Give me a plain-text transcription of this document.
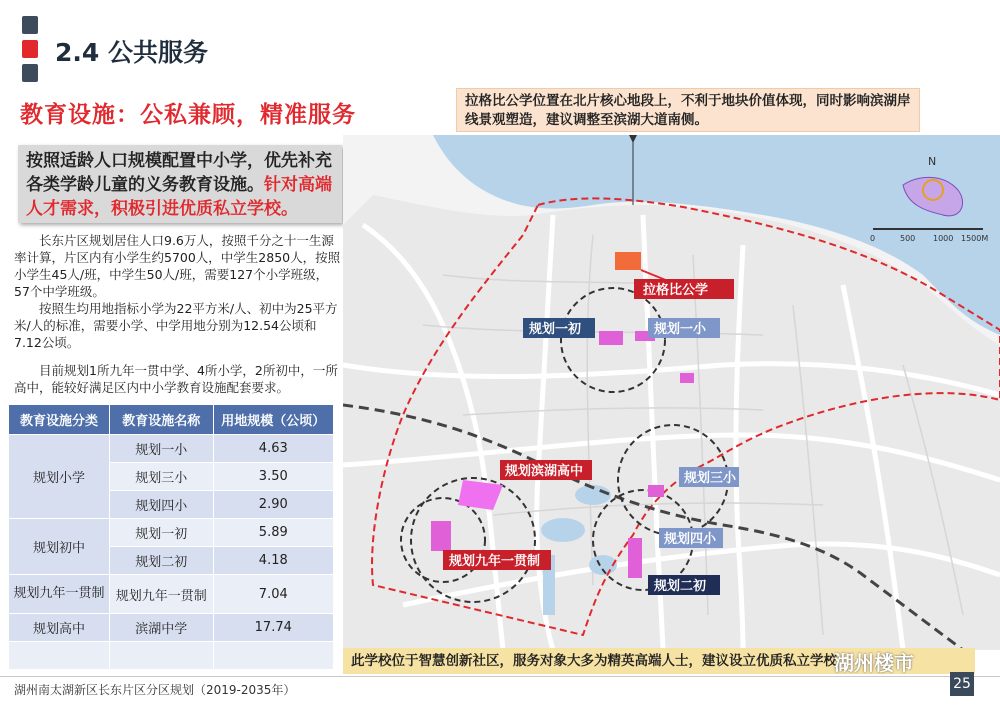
2.4 公共服务
教育设施：公私兼顾，精准服务
按照适龄人口规模配置中小学，优先补充各类学龄儿童的义务教育设施。针对高端人才需求，积极引进优质私立学校。

长东片区规划居住人口9.6万人，按照千分之十一生源率计算，片区内有小学生约5700人，中学生2850人，按照小学生45人/班，中学生50人/班，需要127个小学班级，57个中学班级。

按照生均用地指标小学为22平方米/人、初中为25平方米/人的标准，需要小学、中学用地分别为12.54公顷和7.12公顷。

目前规划1所九年一贯中学、4所小学，2所初中，一所高中，能较好满足区内中小学教育设施配套要求。

教育设施分类	教育设施名称	用地规模（公顷）
规划小学	规划一小	4.63
	规划三小	3.50
	规划四小	2.90
规划初中	规划一初	5.89
	规划二初	4.18
规划九年一贯制	规划九年一贯制	7.04
规划高中	滨湖中学	17.74

N
0	500 1000 1500M
拉格比公学
规划一初	规划一小
规划滨湖高中	规划三小
规划四小
规划九年一贯制
规划二初
拉格比公学位置在北片核心地段上，不利于地块价值体现，同时影响滨湖岸线景观塑造，建议调整至滨湖大道南侧。
此学校位于智慧创新社区，服务对象大多为精英高端人士，建议设立优质私立学校
湖州楼市
湖州南太湖新区长东片区分区规划（2019-2035年）	25
